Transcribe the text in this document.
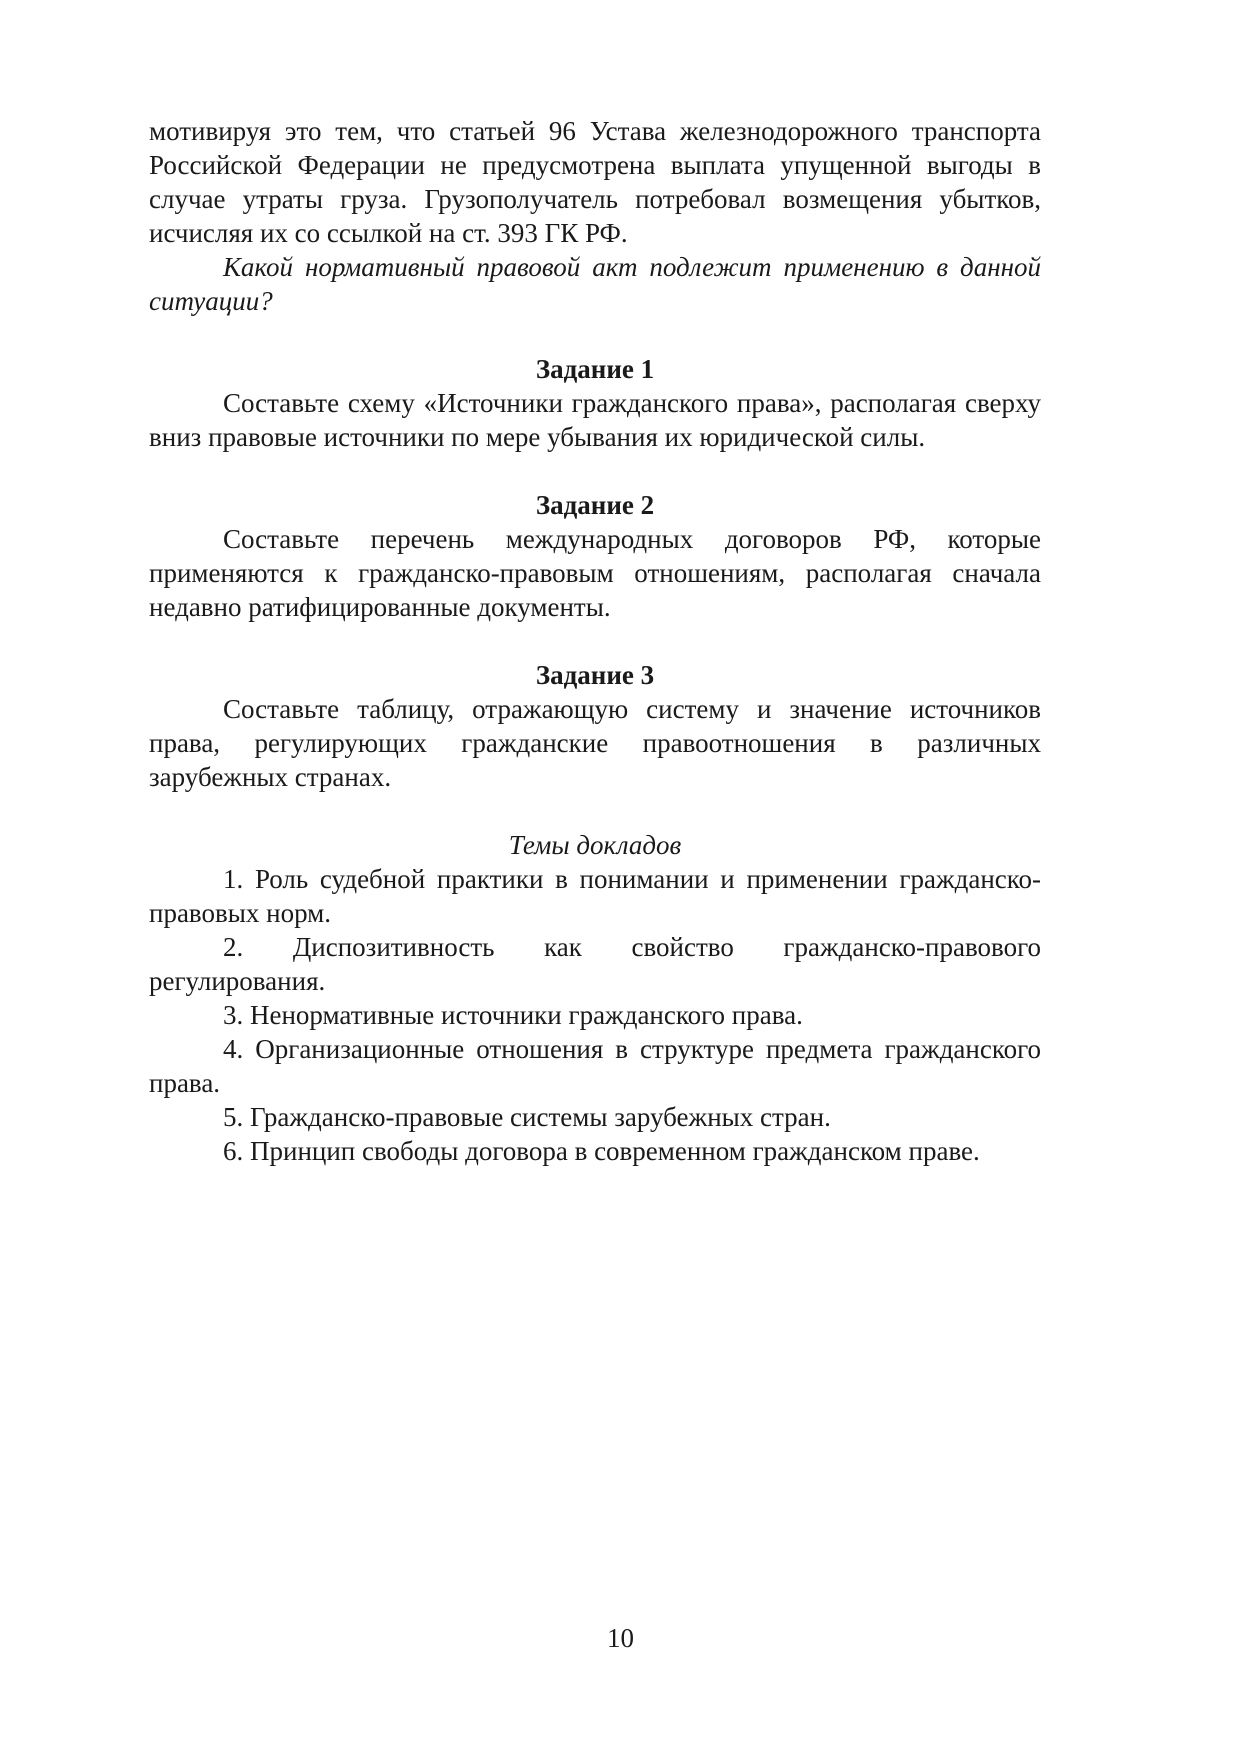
мотивируя это тем, что статьей 96 Устава железнодорожного транспорта Российской Федерации не предусмотрена выплата упущенной выгоды в случае утраты груза. Грузополучатель потребовал возмещения убытков, исчисляя их со ссылкой на ст. 393 ГК РФ.

Какой нормативный правовой акт подлежит применению в данной ситуации?

Задание 1

Составьте схему «Источники гражданского права», располагая сверху вниз правовые источники по мере убывания их юридической силы.

Задание 2

Составьте перечень международных договоров РФ, которые применяются к гражданско-правовым отношениям, располагая сначала недавно ратифицированные документы.

Задание 3

Составьте таблицу, отражающую систему и значение источников права, регулирующих гражданские правоотношения в различных зарубежных странах.

Темы докладов

1. Роль судебной практики в понимании и применении гражданско-правовых норм.

2. Диспозитивность как свойство гражданско-правового регулирования.

3. Ненормативные источники гражданского права.

4. Организационные отношения в структуре предмета гражданского права.

5. Гражданско-правовые системы зарубежных стран.

6. Принцип свободы договора в современном гражданском праве.

10
